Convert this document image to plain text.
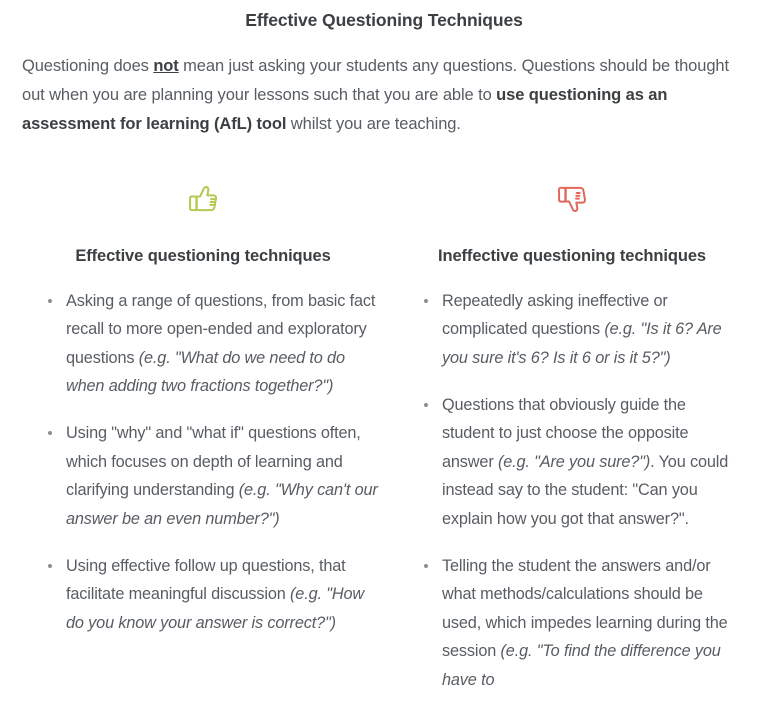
Effective Questioning Techniques

Questioning does not mean just asking your students any questions. Questions should be thought out when you are planning your lessons such that you are able to use questioning as an assessment for learning (AfL) tool whilst you are teaching.

Effective questioning techniques
Asking a range of questions, from basic fact recall to more open-ended and exploratory questions (e.g. "What do we need to do when adding two fractions together?")
Using "why" and "what if" questions often, which focuses on depth of learning and clarifying understanding (e.g. "Why can't our answer be an even number?")
Using effective follow up questions, that facilitate meaningful discussion (e.g. "How do you know your answer is correct?")
Ineffective questioning techniques
Repeatedly asking ineffective or complicated questions (e.g. "Is it 6? Are you sure it's 6? Is it 6 or is it 5?")
Questions that obviously guide the student to just choose the opposite answer (e.g. "Are you sure?"). You could instead say to the student: "Can you explain how you got that answer?".
Telling the student the answers and/or what methods/calculations should be used, which impedes learning during the session (e.g. "To find the difference you have to
